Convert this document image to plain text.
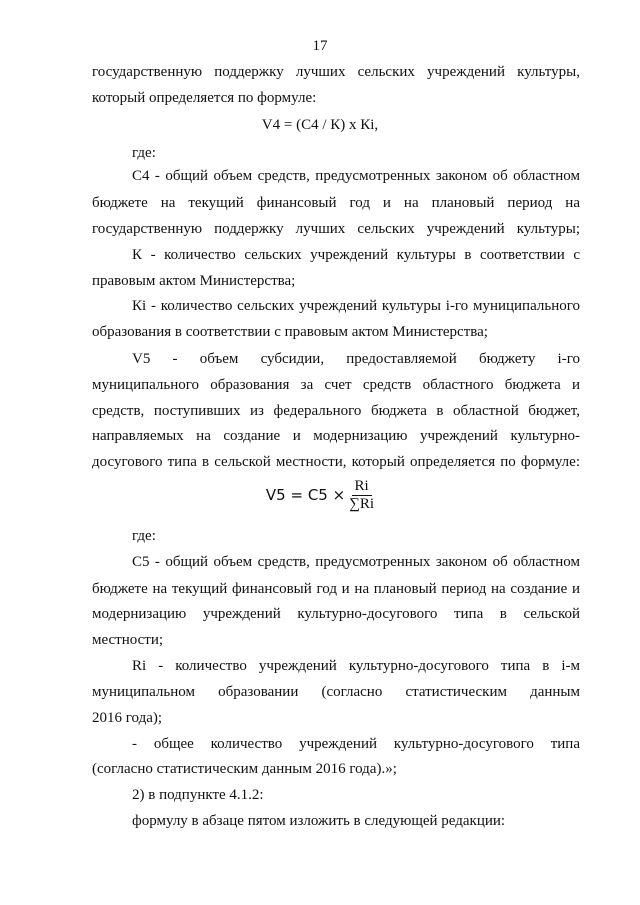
17
государственную поддержку лучших сельских учреждений культуры,
который определяется по формуле:
V4 = (С4 / К) х Кi,
где:
С4 - общий объем средств, предусмотренных законом об областном
бюджете на текущий финансовый год и на плановый период на
государственную поддержку лучших сельских учреждений культуры;
К - количество сельских учреждений культуры в соответствии с
правовым актом Министерства;
Кi - количество сельских учреждений культуры i-го муниципального
образования в соответствии с правовым актом Министерства;
V5 - объем субсидии, предоставляемой бюджету i-го
муниципального образования за счет средств областного бюджета и
средств, поступивших из федерального бюджета в областной бюджет,
направляемых на создание и модернизацию учреждений культурно-
досугового типа в сельской местности, который определяется по формуле:
$V5 = C5 \times \frac{Ri}{\sum Ri}$
где:
С5 - общий объем средств, предусмотренных законом об областном
бюджете на текущий финансовый год и на плановый период на создание и
модернизацию учреждений культурно-досугового типа в сельской
местности;
Ri - количество учреждений культурно-досугового типа в i-м
муниципальном образовании (согласно статистическим данным
2016 года);
- общее количество учреждений культурно-досугового типа
(согласно статистическим данным 2016 года).»;
2) в подпункте 4.1.2:
формулу в абзаце пятом изложить в следующей редакции:
